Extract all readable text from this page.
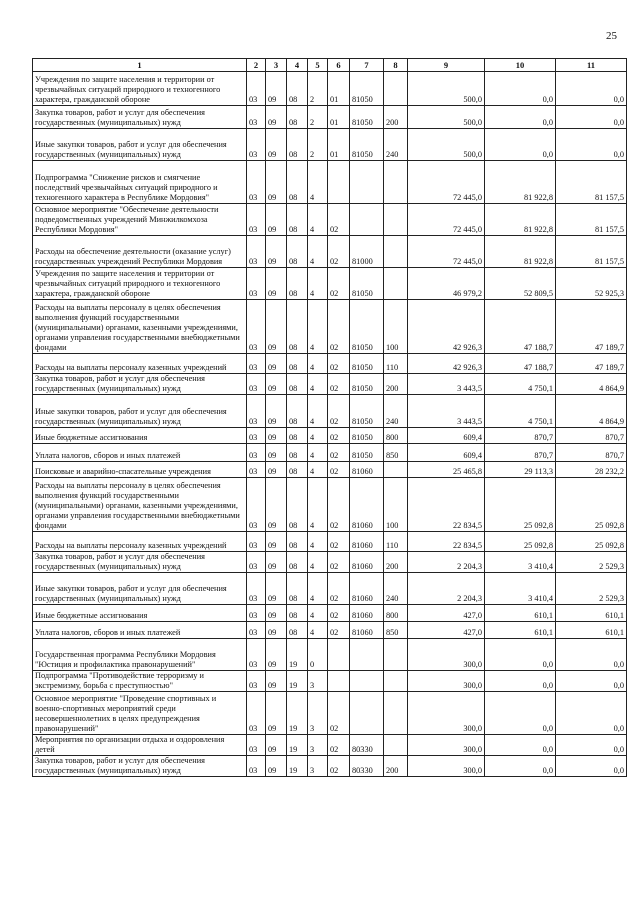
25
1	2	3	4	5	6	7	8	9	10	11
Учреждения по защите населения и территории от чрезвычайных ситуаций природного и техногенного характера, гражданской обороне	03	09	08	2	01	81050		500,0	0,0	0,0
Закупка товаров, работ и услуг для обеспечения государственных (муниципальных) нужд	03	09	08	2	01	81050	200	500,0	0,0	0,0
Иные закупки товаров, работ и услуг для обеспечения государственных (муниципальных) нужд	03	09	08	2	01	81050	240	500,0	0,0	0,0
Подпрограмма "Снижение рисков и смягчение последствий чрезвычайных ситуаций природного и техногенного характера в Республике Мордовия"	03	09	08	4				72 445,0	81 922,8	81 157,5
Основное мероприятие "Обеспечение деятельности подведомственных учреждений Минжилкомхоза Республики Мордовия"	03	09	08	4	02			72 445,0	81 922,8	81 157,5
Расходы на обеспечение деятельности (оказание услуг) государственных учреждений Республики Мордовия	03	09	08	4	02	81000		72 445,0	81 922,8	81 157,5
Учреждения по защите населения и территории от чрезвычайных ситуаций природного и техногенного характера, гражданской обороне	03	09	08	4	02	81050		46 979,2	52 809,5	52 925,3
Расходы на выплаты персоналу в целях обеспечения выполнения функций государственными (муниципальными) органами, казенными учреждениями, органами управления государственными внебюджетными фондами	03	09	08	4	02	81050	100	42 926,3	47 188,7	47 189,7
Расходы на выплаты персоналу казенных учреждений	03	09	08	4	02	81050	110	42 926,3	47 188,7	47 189,7
Закупка товаров, работ и услуг для обеспечения государственных (муниципальных) нужд	03	09	08	4	02	81050	200	3 443,5	4 750,1	4 864,9
Иные закупки товаров, работ и услуг для обеспечения государственных (муниципальных) нужд	03	09	08	4	02	81050	240	3 443,5	4 750,1	4 864,9
Иные бюджетные ассигнования	03	09	08	4	02	81050	800	609,4	870,7	870,7
Уплата налогов, сборов и иных платежей	03	09	08	4	02	81050	850	609,4	870,7	870,7
Поисковые и аварийно-спасательные учреждения	03	09	08	4	02	81060		25 465,8	29 113,3	28 232,2
Расходы на выплаты персоналу в целях обеспечения выполнения функций государственными (муниципальными) органами, казенными учреждениями, органами управления государственными внебюджетными фондами	03	09	08	4	02	81060	100	22 834,5	25 092,8	25 092,8
Расходы на выплаты персоналу казенных учреждений	03	09	08	4	02	81060	110	22 834,5	25 092,8	25 092,8
Закупка товаров, работ и услуг для обеспечения государственных (муниципальных) нужд	03	09	08	4	02	81060	200	2 204,3	3 410,4	2 529,3
Иные закупки товаров, работ и услуг для обеспечения государственных (муниципальных) нужд	03	09	08	4	02	81060	240	2 204,3	3 410,4	2 529,3
Иные бюджетные ассигнования	03	09	08	4	02	81060	800	427,0	610,1	610,1
Уплата налогов, сборов и иных платежей	03	09	08	4	02	81060	850	427,0	610,1	610,1
Государственная программа Республики Мордовия "Юстиция и профилактика правонарушений"	03	09	19	0				300,0	0,0	0,0
Подпрограмма "Противодействие терроризму и экстремизму, борьба с преступностью"	03	09	19	3				300,0	0,0	0,0
Основное мероприятие "Проведение спортивных и военно-спортивных мероприятий среди несовершеннолетних в целях предупреждения правонарушений"	03	09	19	3	02			300,0	0,0	0,0
Мероприятия по организации отдыха и оздоровления детей	03	09	19	3	02	80330		300,0	0,0	0,0
Закупка товаров, работ и услуг для обеспечения государственных (муниципальных) нужд	03	09	19	3	02	80330	200	300,0	0,0	0,0
